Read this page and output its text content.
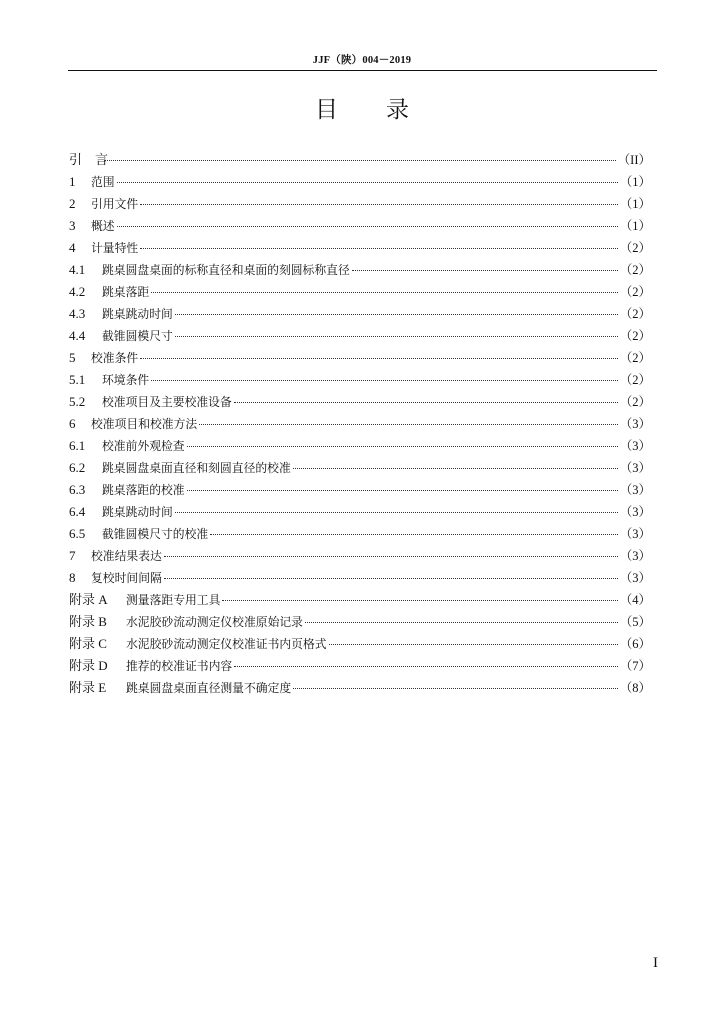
JJF（陕）004－2019
目录
引　言	（II）
1	范围	（1）
2	引用文件	（1）
3	概述	（1）
4	计量特性	（2）
4.1	跳桌圆盘桌面的标称直径和桌面的刻圆标称直径	（2）
4.2	跳桌落距	（2）
4.3	跳桌跳动时间	（2）
4.4	截锥圆模尺寸	（2）
5	校准条件	（2）
5.1	环境条件	（2）
5.2	校准项目及主要校准设备	（2）
6	校准项目和校准方法	（3）
6.1	校准前外观检查	（3）
6.2	跳桌圆盘桌面直径和刻圆直径的校准	（3）
6.3	跳桌落距的校准	（3）
6.4	跳桌跳动时间	（3）
6.5	截锥圆模尺寸的校准	（3）
7	校准结果表达	（3）
8	复校时间间隔	（3）
附录 A	测量落距专用工具	（4）
附录 B	水泥胶砂流动测定仪校准原始记录	（5）
附录 C	水泥胶砂流动测定仪校准证书内页格式	（6）
附录 D	推荐的校准证书内容	（7）
附录 E	跳桌圆盘桌面直径测量不确定度	（8）
I
